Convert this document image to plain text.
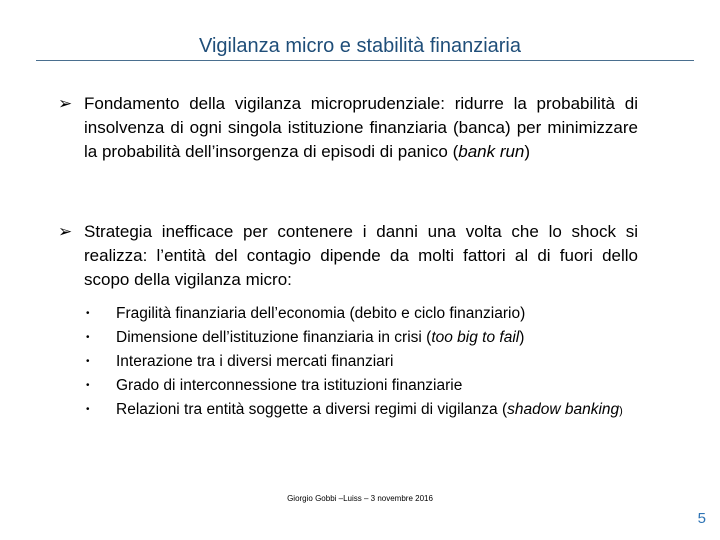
Vigilanza micro e stabilità finanziaria
➢ Fondamento della vigilanza microprudenziale: ridurre la probabilità di insolvenza di ogni singola istituzione finanziaria (banca) per minimizzare la probabilità dell’insorgenza di episodi di panico (bank run)
➢ Strategia inefficace per contenere i danni una volta che lo shock si realizza: l’entità del contagio dipende da molti fattori al di fuori dello scopo della vigilanza micro:
• Fragilità finanziaria dell’economia (debito e ciclo finanziario)
• Dimensione dell’istituzione finanziaria in crisi (too big to fail)
• Interazione tra i diversi mercati finanziari
• Grado di interconnessione tra istituzioni finanziarie
• Relazioni tra entità soggette a diversi regimi di vigilanza (shadow banking)
Giorgio Gobbi –Luiss – 3 novembre 2016
5
